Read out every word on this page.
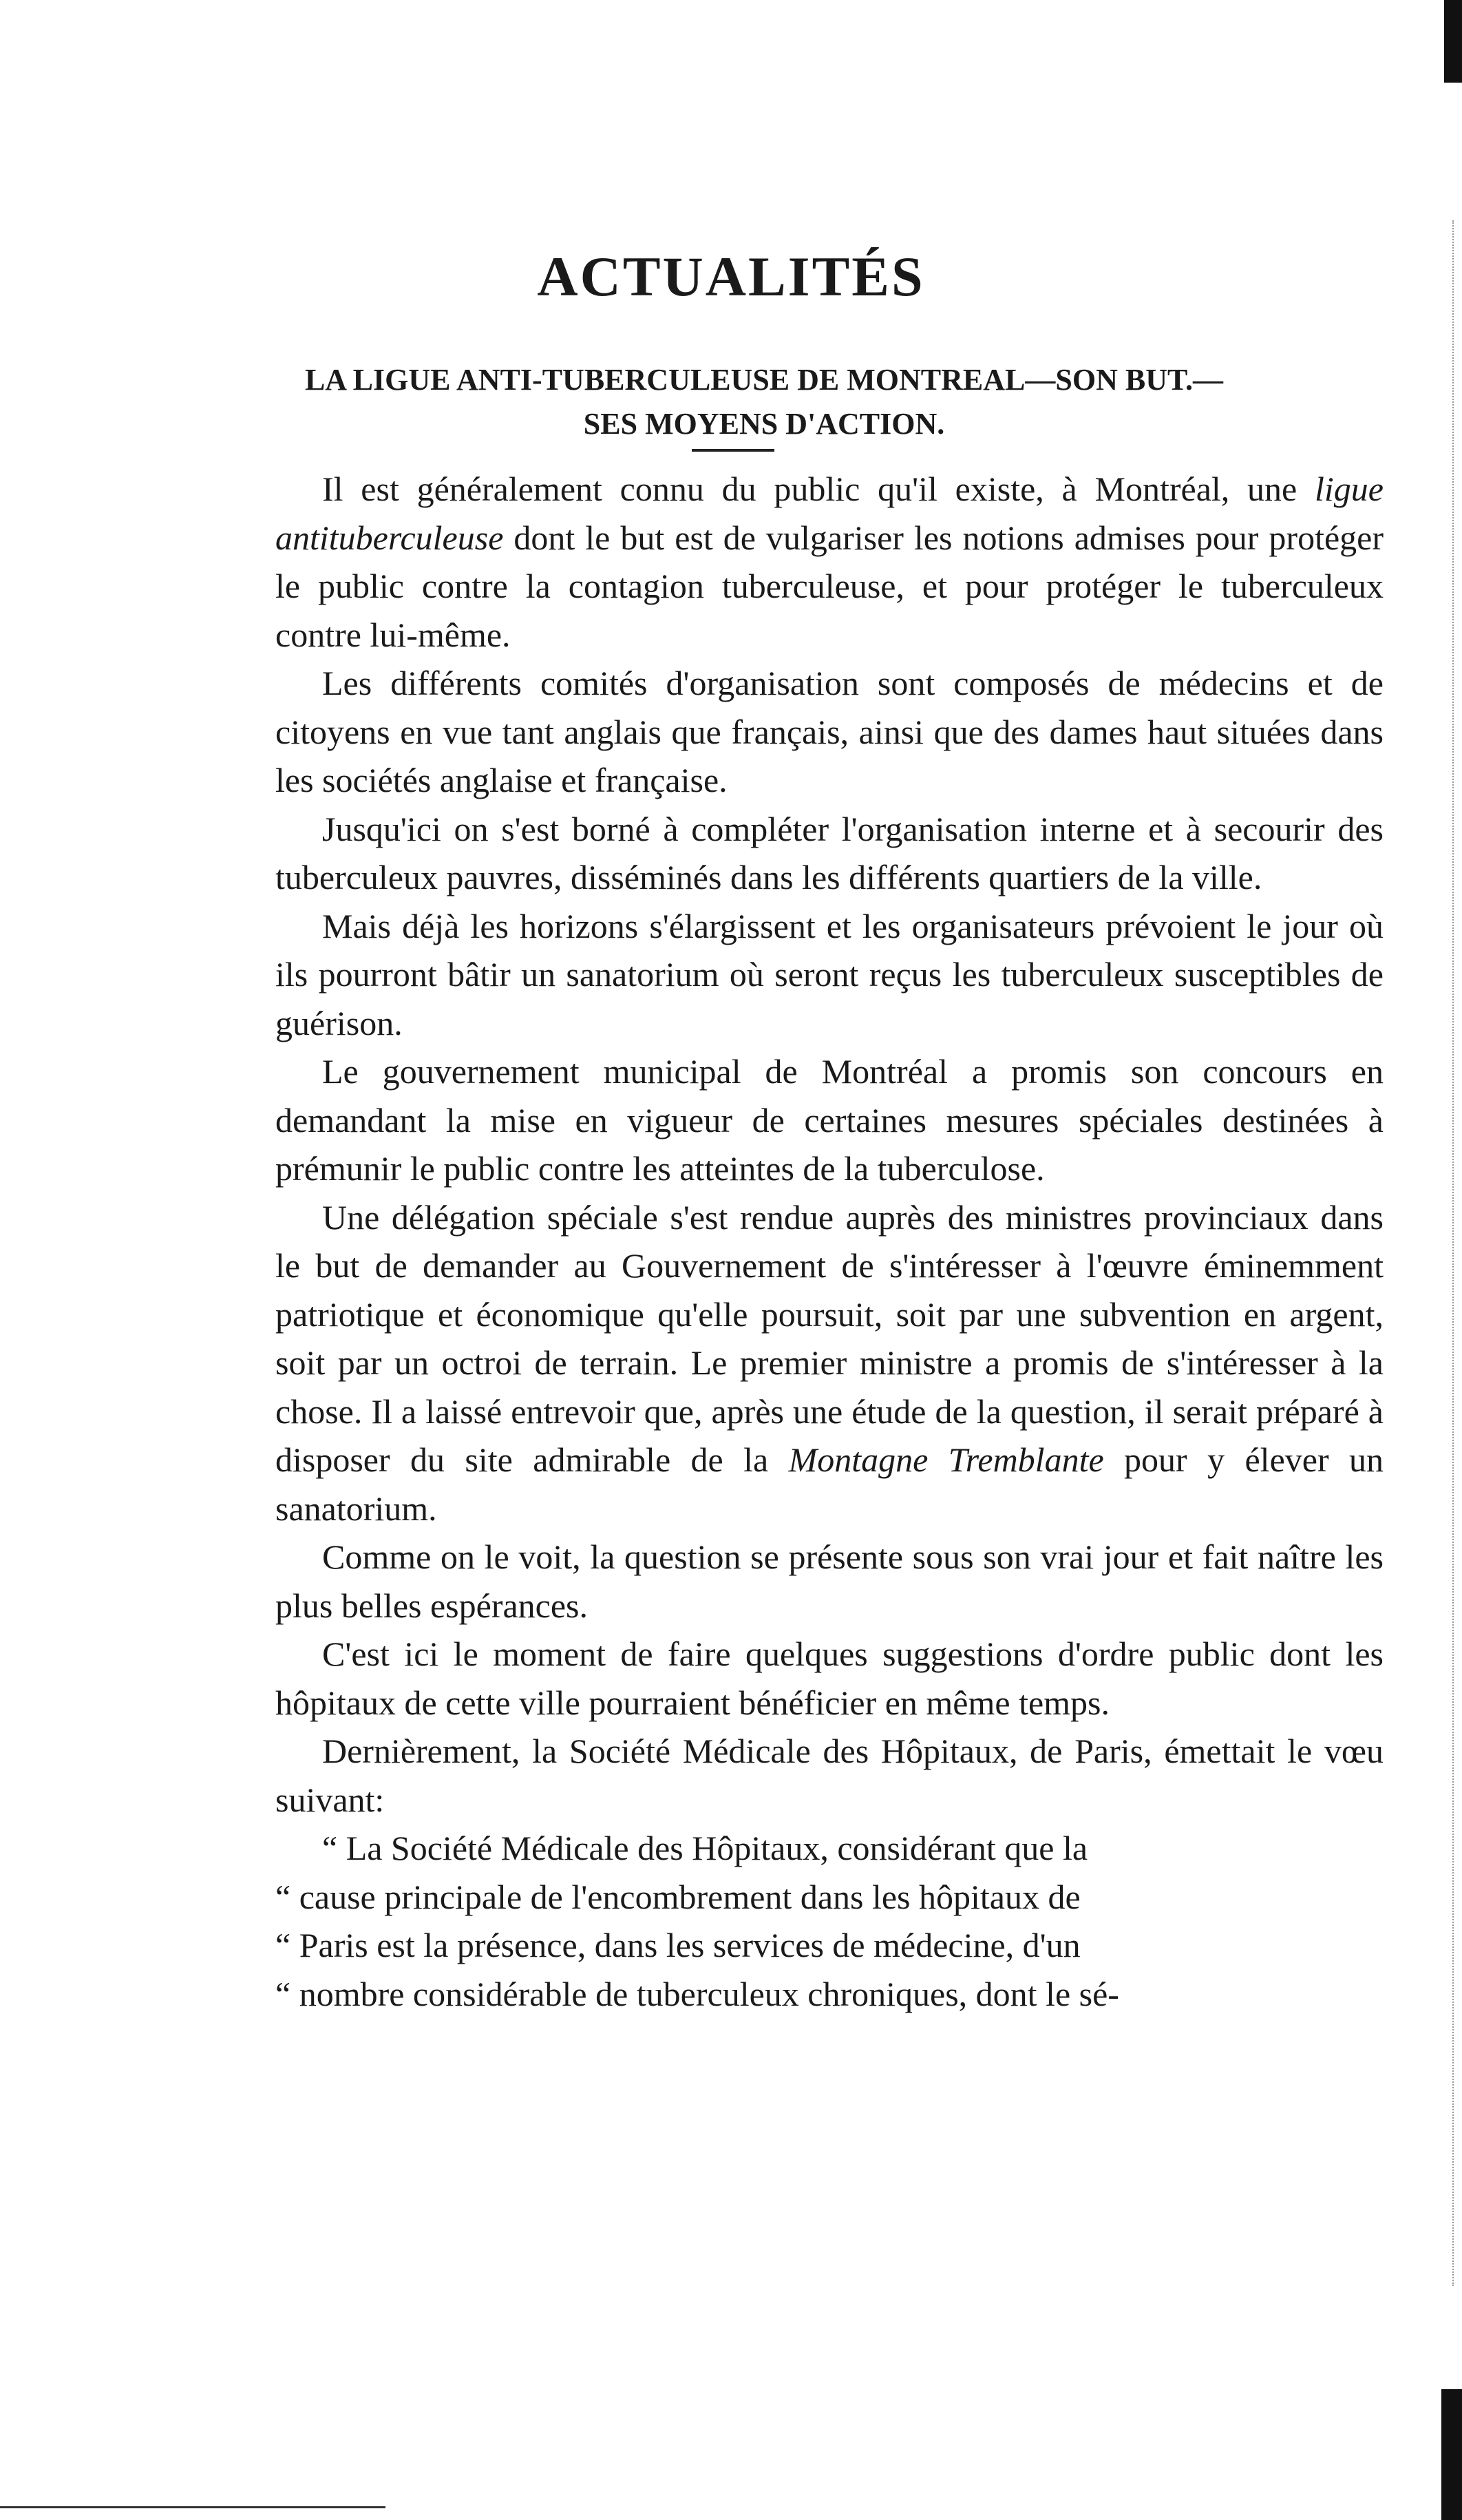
ACTUALITÉS
LA LIGUE ANTI-TUBERCULEUSE DE MONTREAL—SON BUT.—
SES MOYENS D'ACTION.

Il est généralement connu du public qu'il existe, à Montréal, une ligue antituberculeuse dont le but est de vulgariser les notions admises pour protéger le public contre la contagion tuberculeuse, et pour protéger le tuberculeux contre lui-même.

Les différents comités d'organisation sont composés de médecins et de citoyens en vue tant anglais que français, ainsi que des dames haut situées dans les sociétés anglaise et française.

Jusqu'ici on s'est borné à compléter l'organisation interne et à secourir des tuberculeux pauvres, disséminés dans les différents quartiers de la ville.

Mais déjà les horizons s'élargissent et les organisateurs prévoient le jour où ils pourront bâtir un sanatorium où seront reçus les tuberculeux susceptibles de guérison.

Le gouvernement municipal de Montréal a promis son concours en demandant la mise en vigueur de certaines mesures spéciales destinées à prémunir le public contre les atteintes de la tuberculose.

Une délégation spéciale s'est rendue auprès des ministres provinciaux dans le but de demander au Gouvernement de s'intéresser à l'œuvre éminemment patriotique et économique qu'elle poursuit, soit par une subvention en argent, soit par un octroi de terrain. Le premier ministre a promis de s'intéresser à la chose. Il a laissé entrevoir que, après une étude de la question, il serait préparé à disposer du site admirable de la Montagne Tremblante pour y élever un sanatorium.

Comme on le voit, la question se présente sous son vrai jour et fait naître les plus belles espérances.

C'est ici le moment de faire quelques suggestions d'ordre public dont les hôpitaux de cette ville pourraient bénéficier en même temps.

Dernièrement, la Société Médicale des Hôpitaux, de Paris, émettait le vœu suivant:

“ La Société Médicale des Hôpitaux, considérant que la

“ cause principale de l'encombrement dans les hôpitaux de

“ Paris est la présence, dans les services de médecine, d'un

“ nombre considérable de tuberculeux chroniques, dont le sé-
